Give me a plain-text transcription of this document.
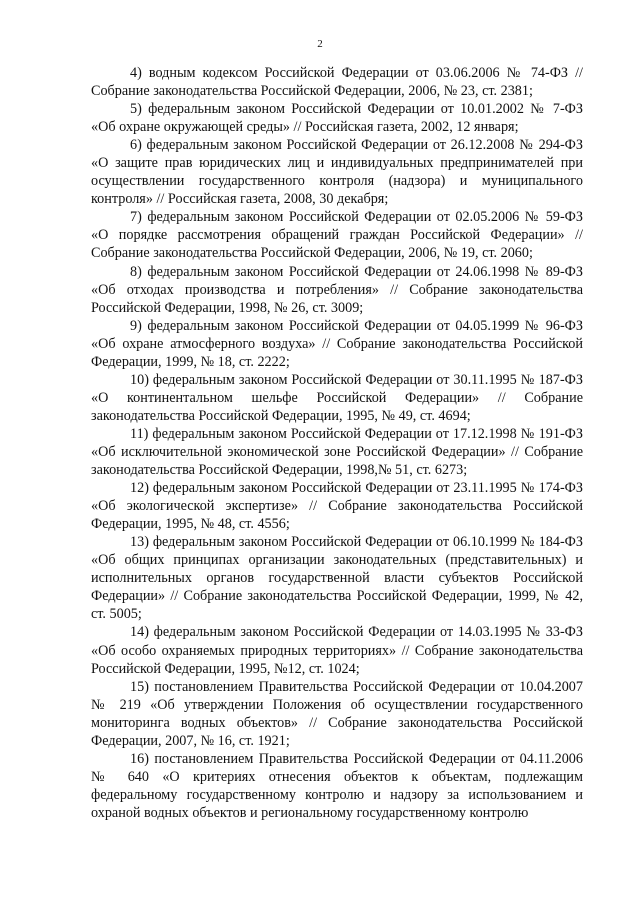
2

4) водным кодексом Российской Федерации от 03.06.2006 № 74-ФЗ // Собрание законодательства Российской Федерации, 2006, № 23, ст. 2381;

5) федеральным законом Российской Федерации от 10.01.2002 № 7-ФЗ «Об охране окружающей среды» // Российская газета, 2002, 12 января;

6) федеральным законом Российской Федерации от 26.12.2008 № 294-ФЗ «О защите прав юридических лиц и индивидуальных предпринимателей при осуществлении государственного контроля (надзора) и муниципального контроля» // Российская газета, 2008, 30 декабря;

7) федеральным законом Российской Федерации от 02.05.2006 № 59-ФЗ «О порядке рассмотрения обращений граждан Российской Федерации» // Собрание законодательства Российской Федерации, 2006, № 19, ст. 2060;

8) федеральным законом Российской Федерации от 24.06.1998 № 89-ФЗ «Об отходах производства и потребления» // Собрание законодательства Российской Федерации, 1998, № 26, ст. 3009;

9) федеральным законом Российской Федерации от 04.05.1999 № 96-ФЗ «Об охране атмосферного воздуха» // Собрание законодательства Российской Федерации, 1999, № 18, ст. 2222;

10) федеральным законом Российской Федерации от 30.11.1995 № 187-ФЗ «О континентальном шельфе Российской Федерации» // Собрание законодательства Российской Федерации, 1995, № 49, ст. 4694;

11) федеральным законом Российской Федерации от 17.12.1998 № 191-ФЗ «Об исключительной экономической зоне Российской Федерации» // Собрание законодательства Российской Федерации, 1998,№ 51, ст. 6273;

12) федеральным законом Российской Федерации от 23.11.1995 № 174-ФЗ «Об экологической экспертизе» // Собрание законодательства Российской Федерации, 1995, № 48, ст. 4556;

13) федеральным законом Российской Федерации от 06.10.1999 № 184-ФЗ «Об общих принципах организации законодательных (представительных) и исполнительных органов государственной власти субъектов Российской Федерации» // Собрание законодательства Российской Федерации, 1999, № 42, ст. 5005;

14) федеральным законом Российской Федерации от 14.03.1995 № 33-ФЗ «Об особо охраняемых природных территориях» // Собрание законодательства Российской Федерации, 1995, №12, ст. 1024;

15) постановлением Правительства Российской Федерации от 10.04.2007 № 219 «Об утверждении Положения об осуществлении государственного мониторинга водных объектов» // Собрание законодательства Российской Федерации, 2007, № 16, ст. 1921;

16) постановлением Правительства Российской Федерации от 04.11.2006 № 640 «О критериях отнесения объектов к объектам, подлежащим федеральному государственному контролю и надзору за использованием и охраной водных объектов и региональному государственному контролю
